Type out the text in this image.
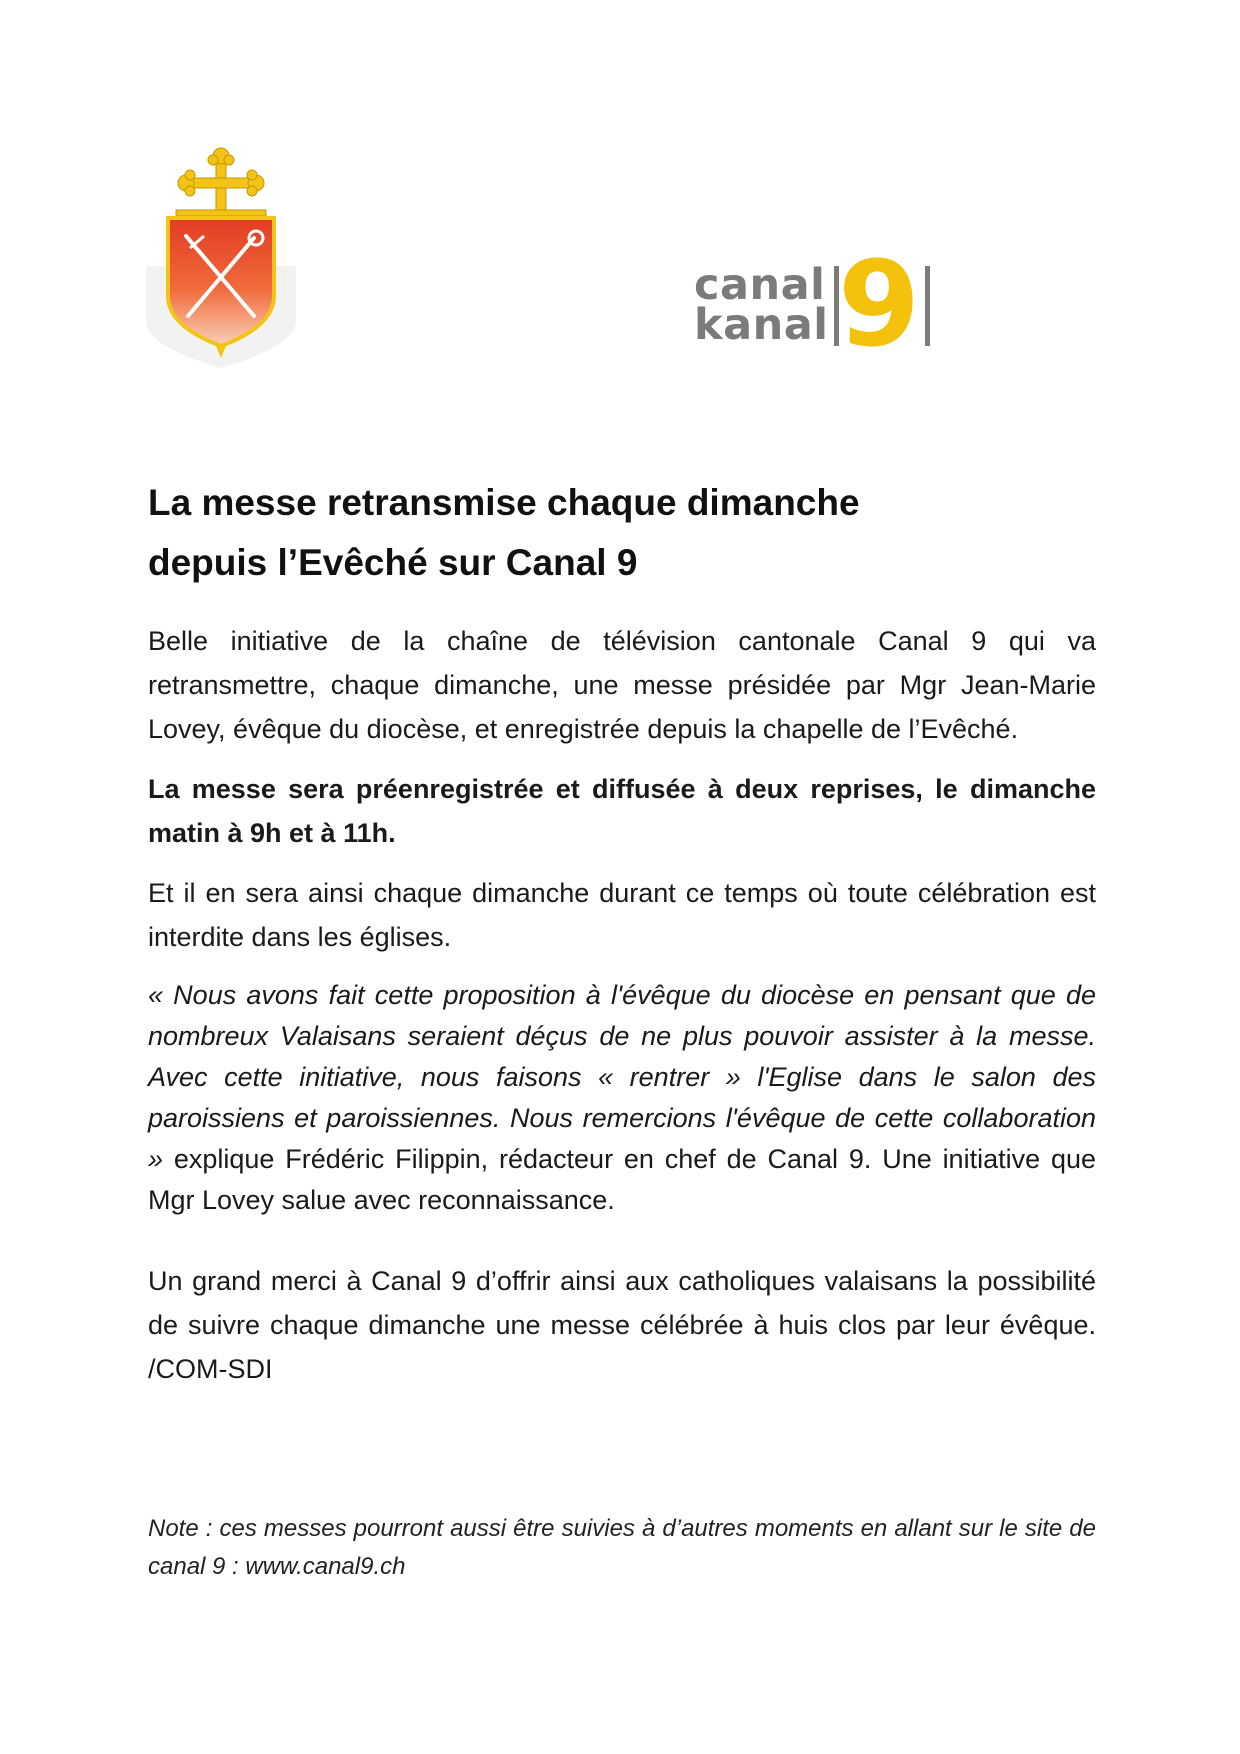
canal
kanal 9
La messe retransmise chaque dimanche
depuis l’Evêché sur Canal 9

Belle initiative de la chaîne de télévision cantonale Canal 9 qui va retransmettre, chaque dimanche, une messe présidée par Mgr Jean-Marie Lovey, évêque du diocèse, et enregistrée depuis la chapelle de l’Evêché.

La messe sera préenregistrée et diffusée à deux reprises, le dimanche matin à 9h et à 11h.

Et il en sera ainsi chaque dimanche durant ce temps où toute célébration est interdite dans les églises.

« Nous avons fait cette proposition à l'évêque du diocèse en pensant que de nombreux Valaisans seraient déçus de ne plus pouvoir assister à la messe. Avec cette initiative, nous faisons « rentrer » l'Eglise dans le salon des paroissiens et paroissiennes. Nous remercions l'évêque de cette collaboration » explique Frédéric Filippin, rédacteur en chef de Canal 9. Une initiative que Mgr Lovey salue avec reconnaissance.

Un grand merci à Canal 9 d’offrir ainsi aux catholiques valaisans la possibilité de suivre chaque dimanche une messe célébrée à huis clos par leur évêque. /COM-SDI

Note : ces messes pourront aussi être suivies à d’autres moments en allant sur le site de canal 9 : www.canal9.ch
